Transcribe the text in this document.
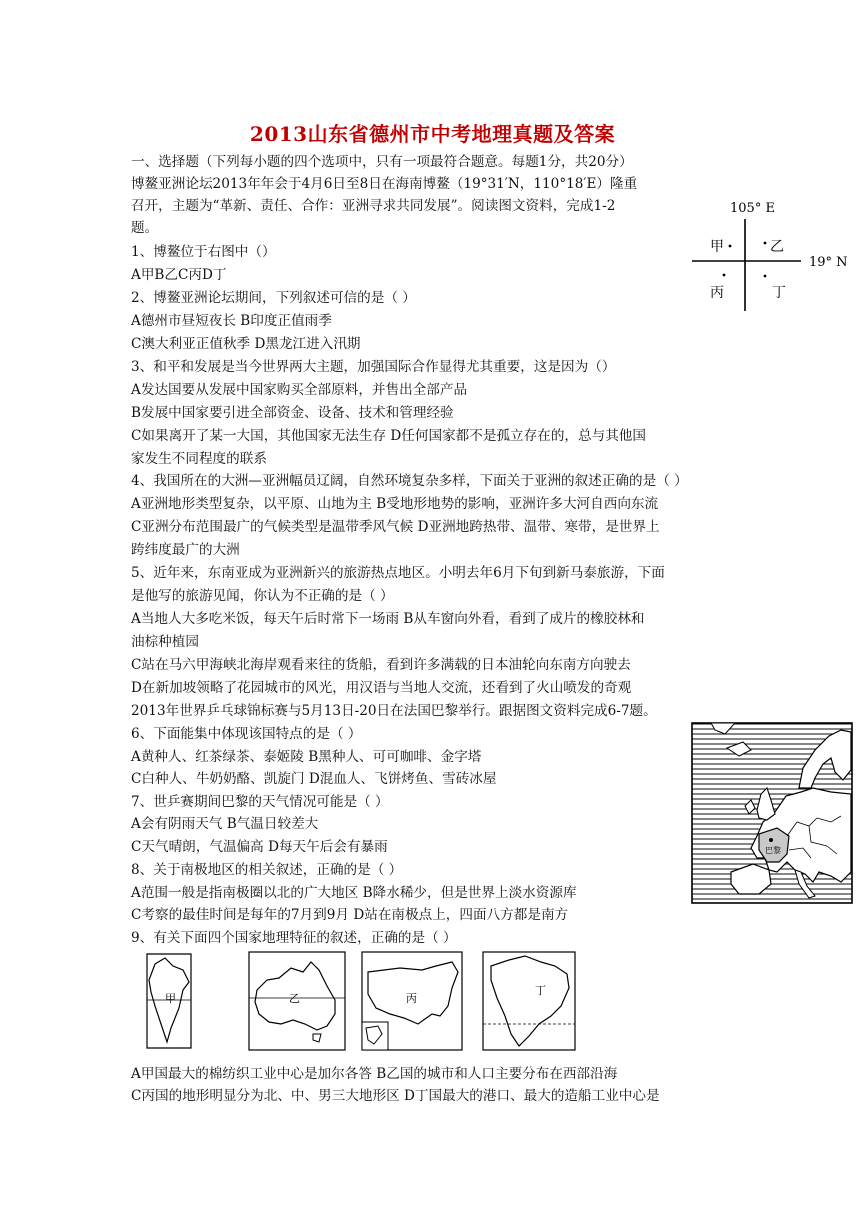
2013山东省德州市中考地理真题及答案
一、选择题（下列每小题的四个选项中，只有一项最符合题意。每题1分，共20分）
博鳌亚洲论坛2013年年会于4月6日至8日在海南博鳌（19°31′N，110°18′E）隆重
召开，主题为“革新、责任、合作：亚洲寻求共同发展”。阅读图文资料，完成1-2
题。
1、博鳌位于右图中（）
A甲B乙C丙D丁
2、博鳌亚洲论坛期间，下列叙述可信的是（ ）
A德州市昼短夜长 B印度正值雨季
C澳大利亚正值秋季 D黑龙江进入汛期
3、和平和发展是当今世界两大主题，加强国际合作显得尤其重要，这是因为（）
A发达国要从发展中国家购买全部原料，并售出全部产品
B发展中国家要引进全部资金、设备、技术和管理经验
C如果离开了某一大国，其他国家无法生存 D任何国家都不是孤立存在的，总与其他国
家发生不同程度的联系
4、我国所在的大洲—亚洲幅员辽阔，自然环境复杂多样，下面关于亚洲的叙述正确的是（ ）
A亚洲地形类型复杂，以平原、山地为主 B受地形地势的影响，亚洲许多大河自西向东流
C亚洲分布范围最广的气候类型是温带季风气候 D亚洲地跨热带、温带、寒带，是世界上
跨纬度最广的大洲
5、近年来，东南亚成为亚洲新兴的旅游热点地区。小明去年6月下旬到新马泰旅游，下面
是他写的旅游见闻，你认为不正确的是（ ）
A当地人大多吃米饭，每天午后时常下一场雨 B从车窗向外看，看到了成片的橡胶林和
油棕种植园
C站在马六甲海峡北海岸观看来往的货船，看到许多满载的日本油轮向东南方向驶去
D在新加坡领略了花园城市的风光，用汉语与当地人交流，还看到了火山喷发的奇观
2013年世界乒乓球锦标赛与5月13日-20日在法国巴黎举行。跟据图文资料完成6-7题。
6、下面能集中体现该国特点的是（ ）
A黄种人、红茶绿茶、泰姬陵 B黑种人、可可咖啡、金字塔
C白种人、牛奶奶酪、凯旋门 D混血人、飞饼烤鱼、雪砖冰屋
7、世乒赛期间巴黎的天气情况可能是（ ）
A会有阴雨天气 B气温日较差大
C天气晴朗，气温偏高 D每天午后会有暴雨
8、关于南极地区的相关叙述，正确的是（ ）
A范围一般是指南极圈以北的广大地区 B降水稀少，但是世界上淡水资源库
C考察的最佳时间是每年的7月到9月 D站在南极点上，四面八方都是南方
9、有关下面四个国家地理特征的叙述，正确的是（ ）
A甲国最大的棉纺织工业中心是加尔各答 B乙国的城市和人口主要分布在西部沿海
C丙国的地形明显分为北、中、男三大地形区 D丁国最大的港口、最大的造船工业中心是
105° E
19° N
甲	乙
丙	丁
巴黎
甲	乙	丙
丁
